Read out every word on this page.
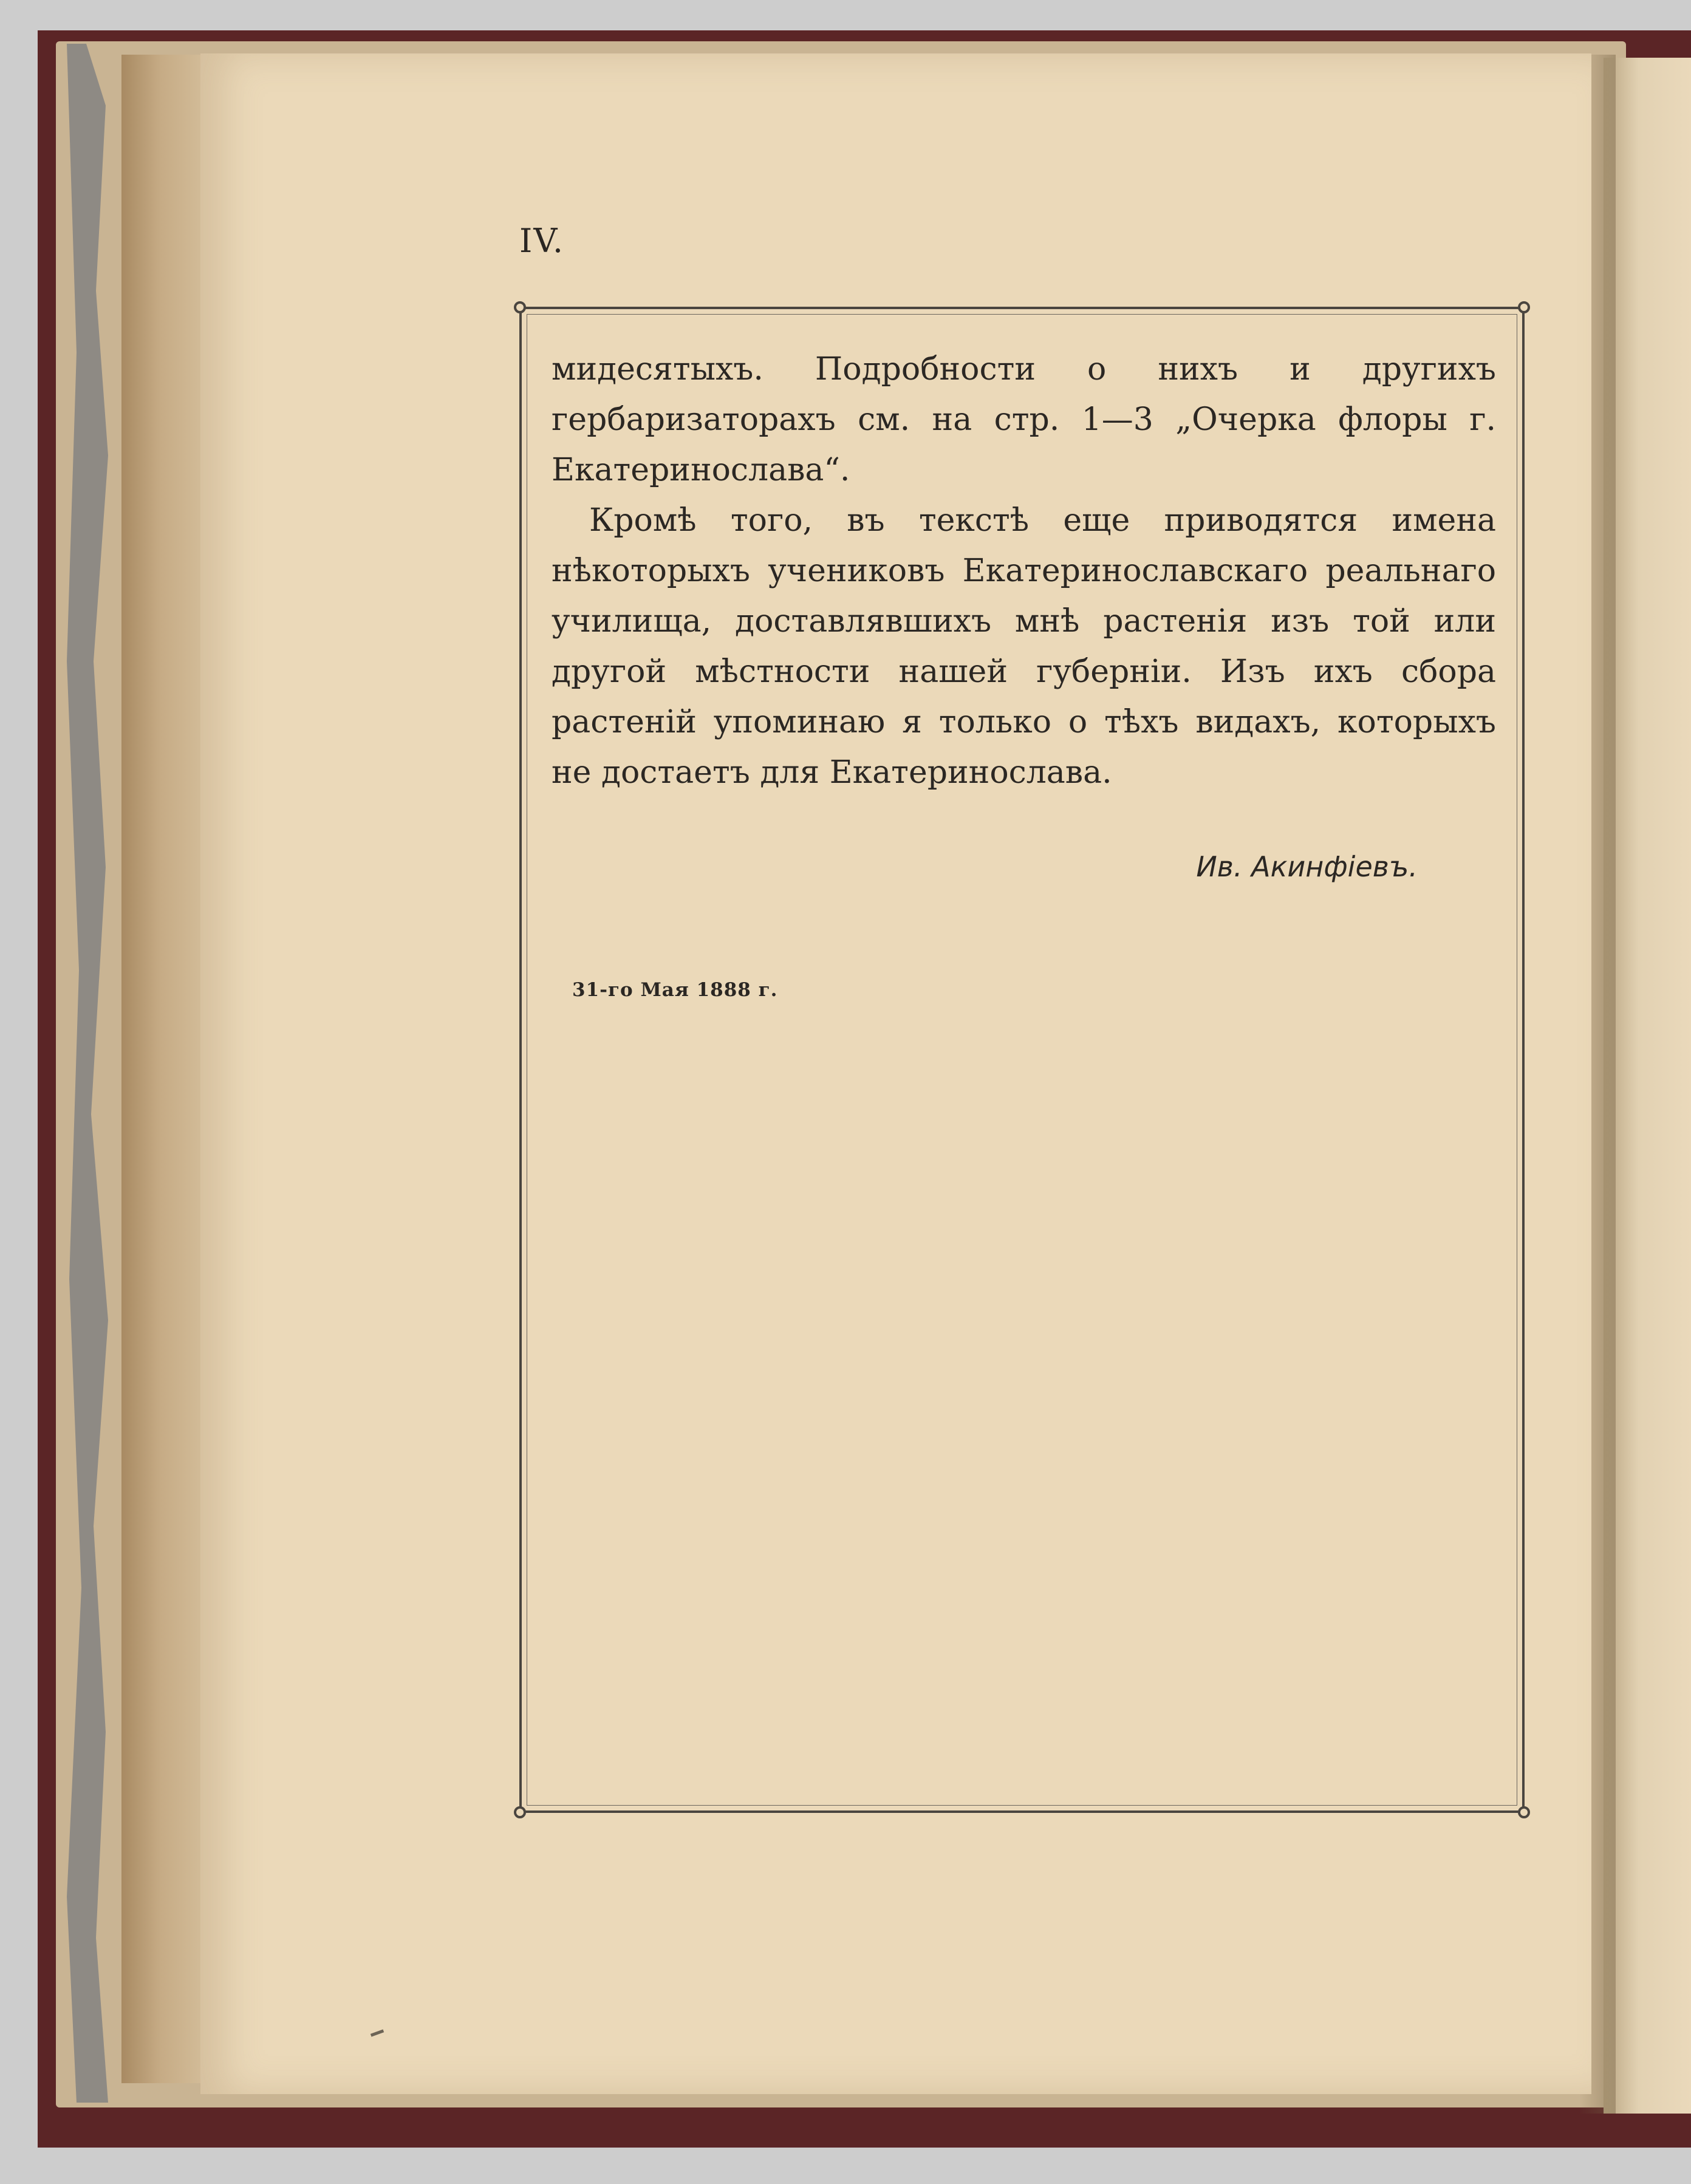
IV.

мидесятыхъ. Подробности о нихъ и другихъ гербаризаторахъ см. на стр. 1—3 „Очерка флоры г. Екатеринослава“.

Кромѣ того, въ текстѣ еще приводятся имена нѣкоторыхъ учениковъ Екатеринославскаго реальнаго училища, доставлявшихъ мнѣ растенія изъ той или другой мѣстности нашей губерніи. Изъ ихъ сбора растеній упоминаю я только о тѣхъ видахъ, которыхъ не достаетъ для Екатеринослава.

Ив. Акинфіевъ.
31-го Мая 1888 г.
